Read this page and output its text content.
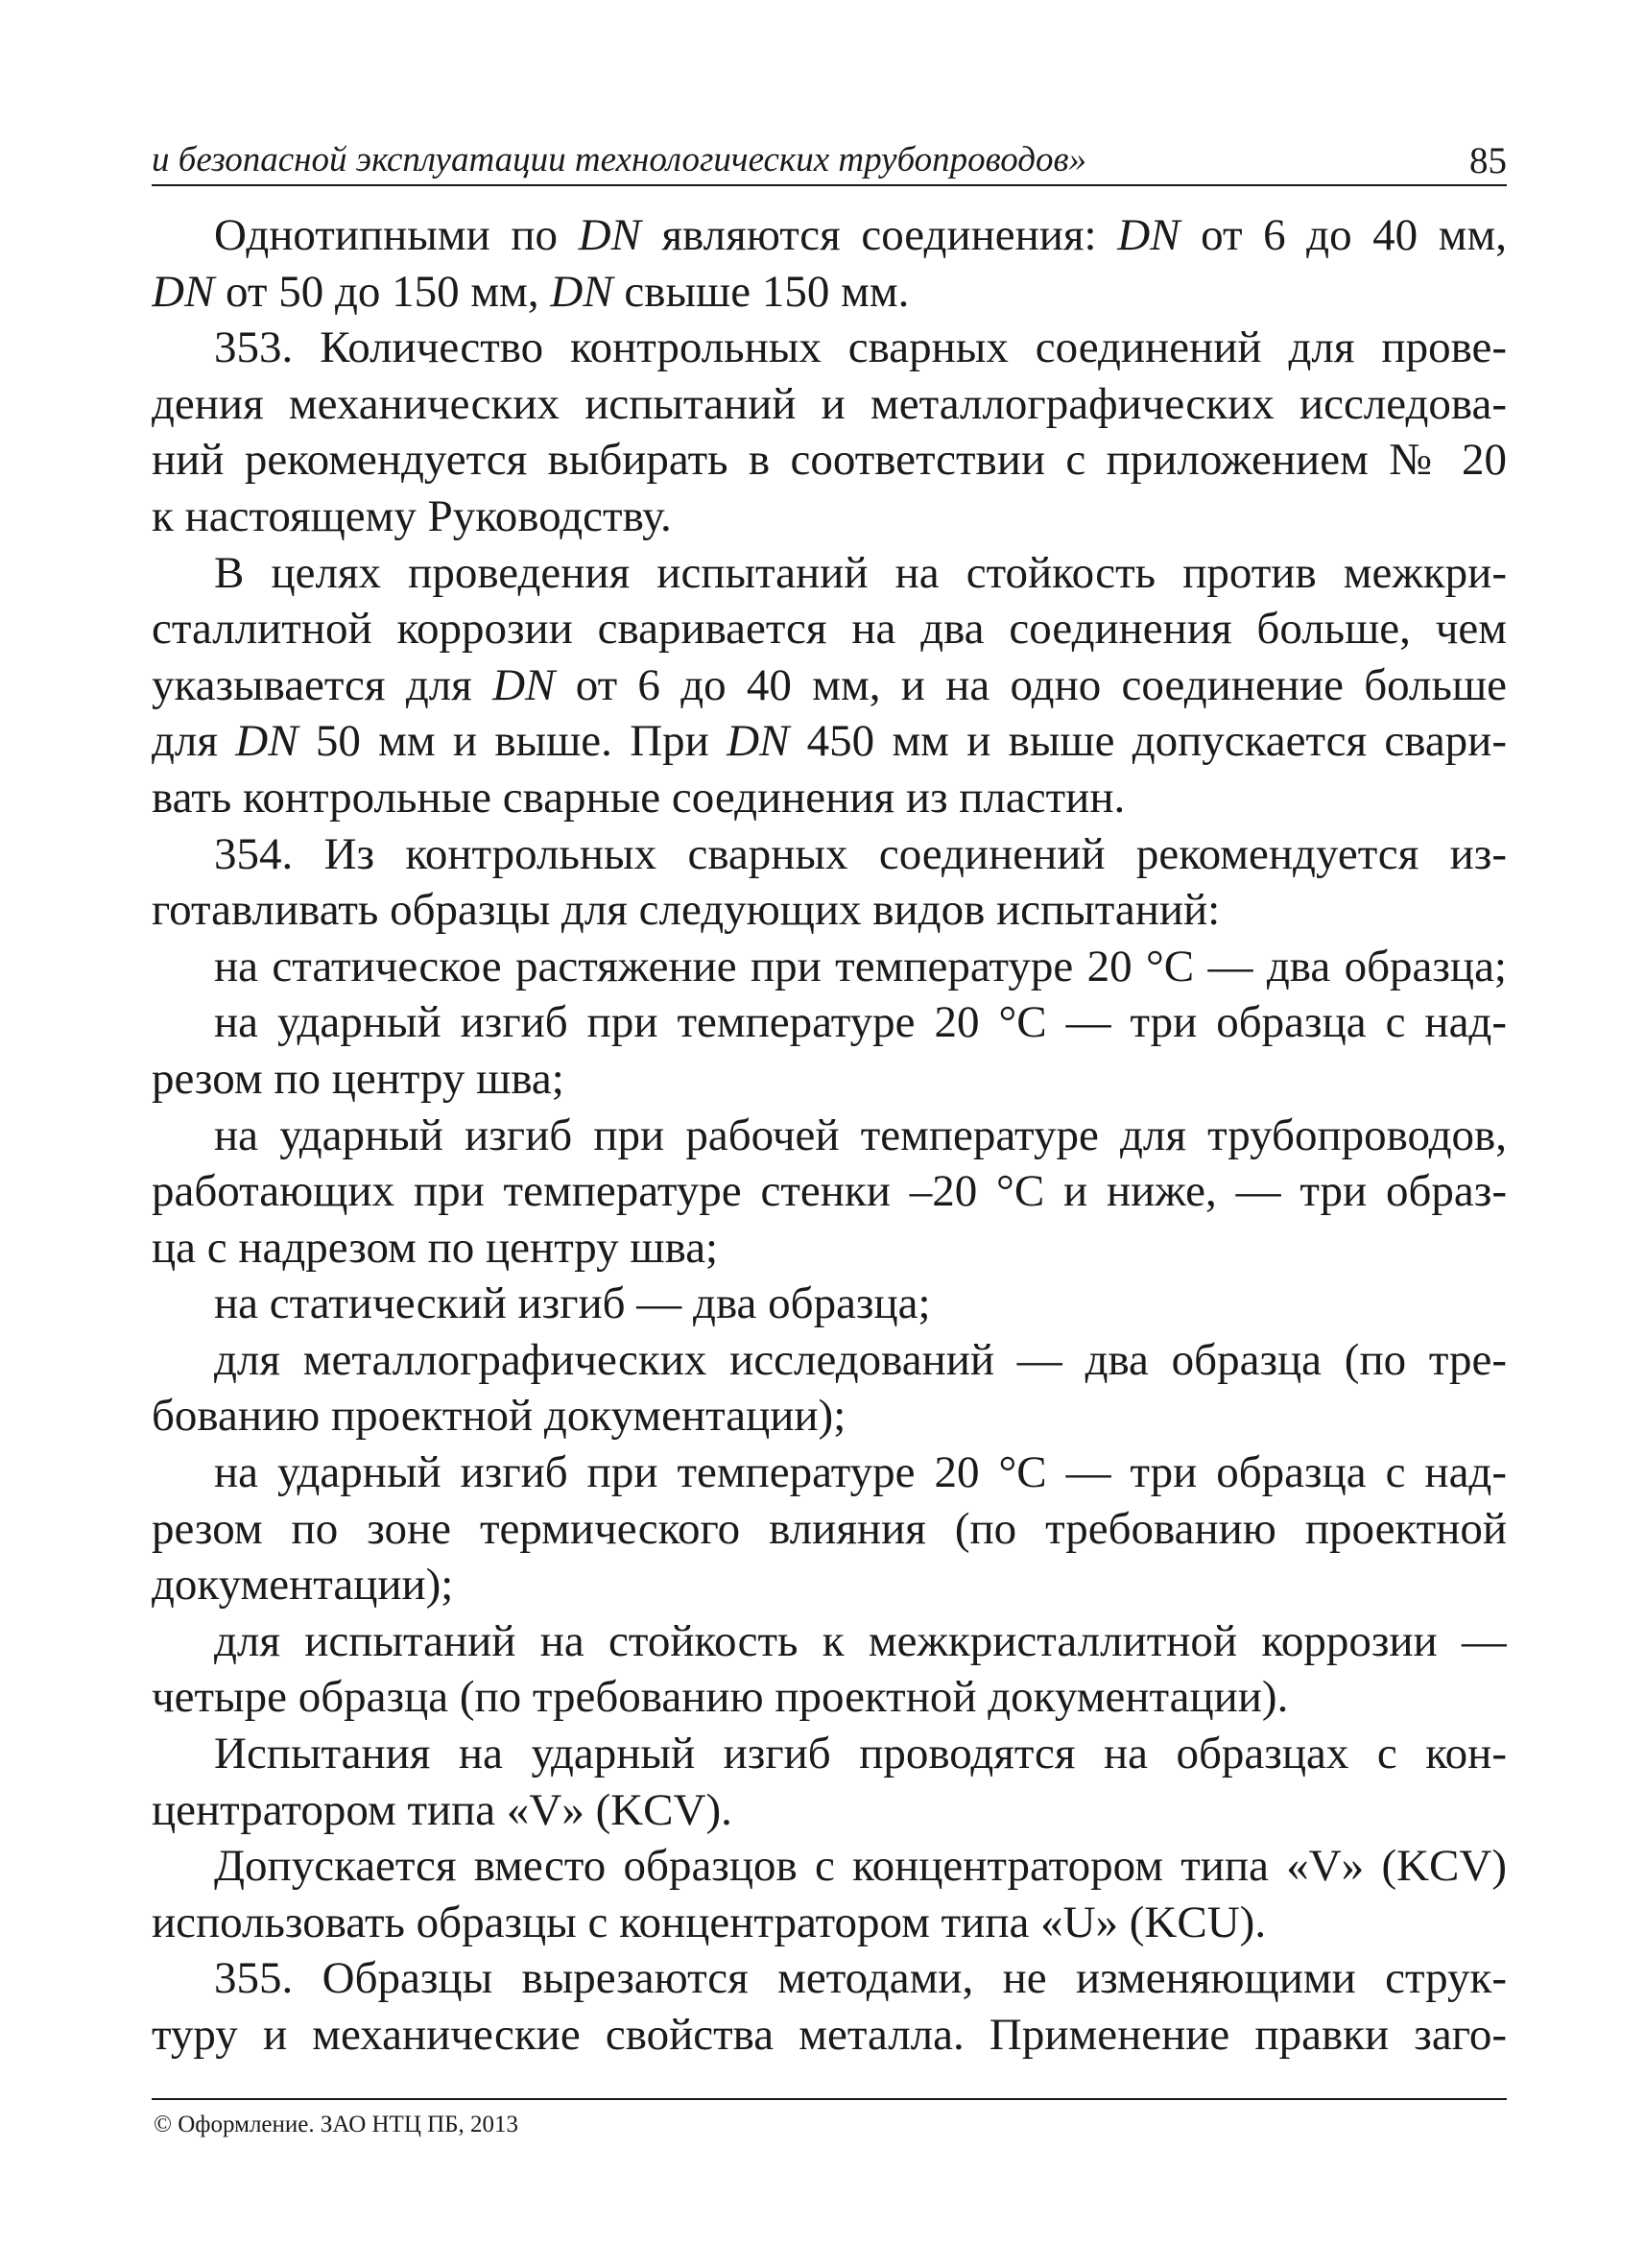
и безопасной эксплуатации технологических трубопроводов»	85
Однотипными по DN являются соединения: DN от 6 до 40 мм,
DN от 50 до 150 мм, DN свыше 150 мм.
353. Количество контрольных сварных соединений для прове-
дения механических испытаний и металлографических исследова-
ний рекомендуется выбирать в соответствии с приложением № 20
к настоящему Руководству.
В целях проведения испытаний на стойкость против межкри-
сталлитной коррозии сваривается на два соединения больше, чем
указывается для DN от 6 до 40 мм, и на одно соединение больше
для DN 50 мм и выше. При DN 450 мм и выше допускается свари-
вать контрольные сварные соединения из пластин.
354. Из контрольных сварных соединений рекомендуется из-
готавливать образцы для следующих видов испытаний:
на статическое растяжение при температуре 20 °С — два образца;
на ударный изгиб при температуре 20 °С — три образца с над-
резом по центру шва;
на ударный изгиб при рабочей температуре для трубопроводов,
работающих при температуре стенки –20 °С и ниже, — три образ-
ца с надрезом по центру шва;
на статический изгиб — два образца;
для металлографических исследований — два образца (по тре-
бованию проектной документации);
на ударный изгиб при температуре 20 °С — три образца с над-
резом по зоне термического влияния (по требованию проектной
документации);
для испытаний на стойкость к межкристаллитной коррозии —
четыре образца (по требованию проектной документации).
Испытания на ударный изгиб проводятся на образцах с кон-
центратором типа «V» (KCV).
Допускается вместо образцов с концентратором типа «V» (KCV)
использовать образцы с концентратором типа «U» (KCU).
355. Образцы вырезаются методами, не изменяющими струк-
туру и механические свойства металла. Применение правки заго-
© Оформление. ЗАО НТЦ ПБ, 2013
